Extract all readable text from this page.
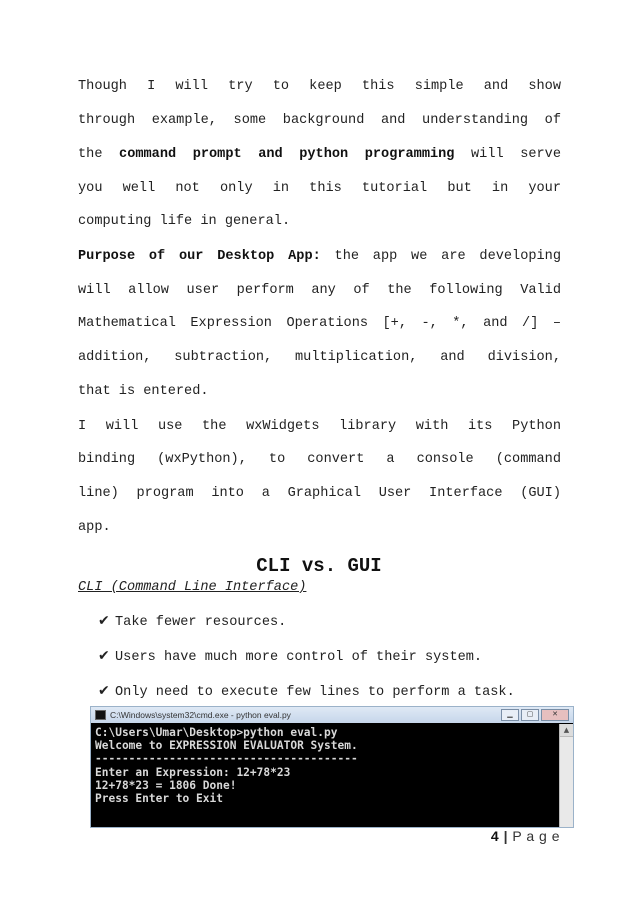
Though I will try to keep this simple and show
through example, some background and understanding of
the command prompt and python programming will serve
you well not only in this tutorial but in your
computing life in general.
Purpose of our Desktop App: the app we are developing
will allow user perform any of the following Valid
Mathematical Expression Operations [+, -, *, and /] –
addition, subtraction, multiplication, and division,
that is entered.
I will use the wxWidgets library with its Python
binding (wxPython), to convert a console (command
line) program into a Graphical User Interface (GUI)
app.
CLI vs. GUI
CLI (Command Line Interface)
✔ Take fewer resources.
✔ Users have much more control of their system.
✔ Only need to execute few lines to perform a task.
C:\Windows\system32\cmd.exe - python eval.py	▁	▢	✕
C:\Users\Umar\Desktop>python eval.py
Welcome to EXPRESSION EVALUATOR System.
---------------------------------------
Enter an Expression: 12+78*23
12+78*23 = 1806 Done!
Press Enter to Exit
▲
4 | P a g e
